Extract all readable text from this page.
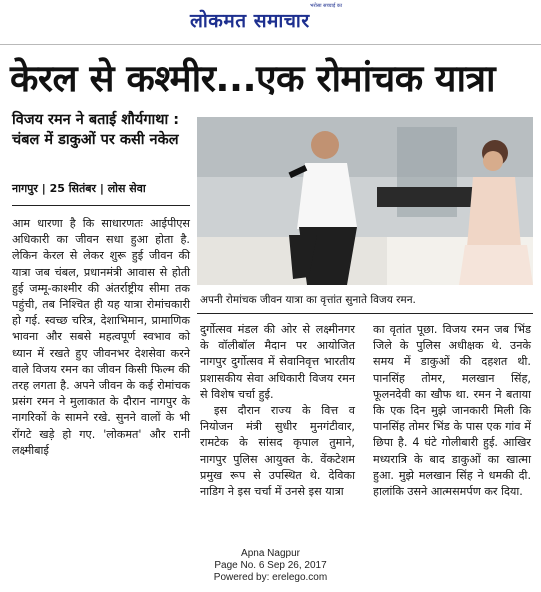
लोकमत समाचार
भरोसा सच्चाई का
केरल से कश्मीर...एक रोमांचक यात्रा
विजय रमन ने बताई शौर्यगाथा : चंबल में डाकुओं पर कसी नकेल
नागपुर | 25 सितंबर | लोस सेवा
अपनी रोमांचक जीवन यात्रा का वृत्तांत सुनाते विजय रमन.

आम धारणा है कि साधारणतः आईपीएस अधिकारी का जीवन सधा हुआ होता है. लेकिन केरल से लेकर शुरू हुई जीवन की यात्रा जब चंबल, प्रधानमंत्री आवास से होती हुई जम्मू-काश्मीर की अंतर्राष्ट्रीय सीमा तक पहुंची, तब निश्चित ही यह यात्रा रोमांचकारी हो गई. स्वच्छ चरित्र, देशाभिमान, प्रामाणिक भावना और सबसे महत्वपूर्ण स्वभाव को ध्यान में रखते हुए जीवनभर देशसेवा करने वाले विजय रमन का जीवन किसी फिल्म की तरह लगता है. अपने जीवन के कई रोमांचक प्रसंग रमन ने मुलाकात के दौरान नागपुर के नागरिकों के सामने रखे. सुनने वालों के भी रोंगटे खड़े हो गए. 'लोकमत' और रानी लक्ष्मीबाई

दुर्गोत्सव मंडल की ओर से लक्ष्मीनगर के वॉलीबॉल मैदान पर आयोजित नागपुर दुर्गोत्सव में सेवानिवृत्त भारतीय प्रशासकीय सेवा अधिकारी विजय रमन से विशेष चर्चा हुई.

इस दौरान राज्य के वित्त व नियोजन मंत्री सुधीर मुनगंटीवार, रामटेक के सांसद कृपाल तुमाने, नागपुर पुलिस आयुक्त के. वेंकटेशम प्रमुख रूप से उपस्थित थे. देविका नाडिग ने इस चर्चा में उनसे इस यात्रा

का वृतांत पूछा. विजय रमन जब भिंड जिले के पुलिस अधीक्षक थे. उनके समय में डाकुओं की दहशत थी. पानसिंह तोमर, मलखान सिंह, फूलनदेवी का खौफ था. रमन ने बताया कि एक दिन मुझे जानकारी मिली कि पानसिंह तोमर भिंड के पास एक गांव में छिपा है. 4 घंटे गोलीबारी हुई. आखिर मध्यरात्रि के बाद डाकुओं का खात्मा हुआ. मुझे मलखान सिंह ने धमकी दी. हालांकि उसने आत्मसमर्पण कर दिया.

Apna Nagpur
Page No. 6 Sep 26, 2017
Powered by: erelego.com
